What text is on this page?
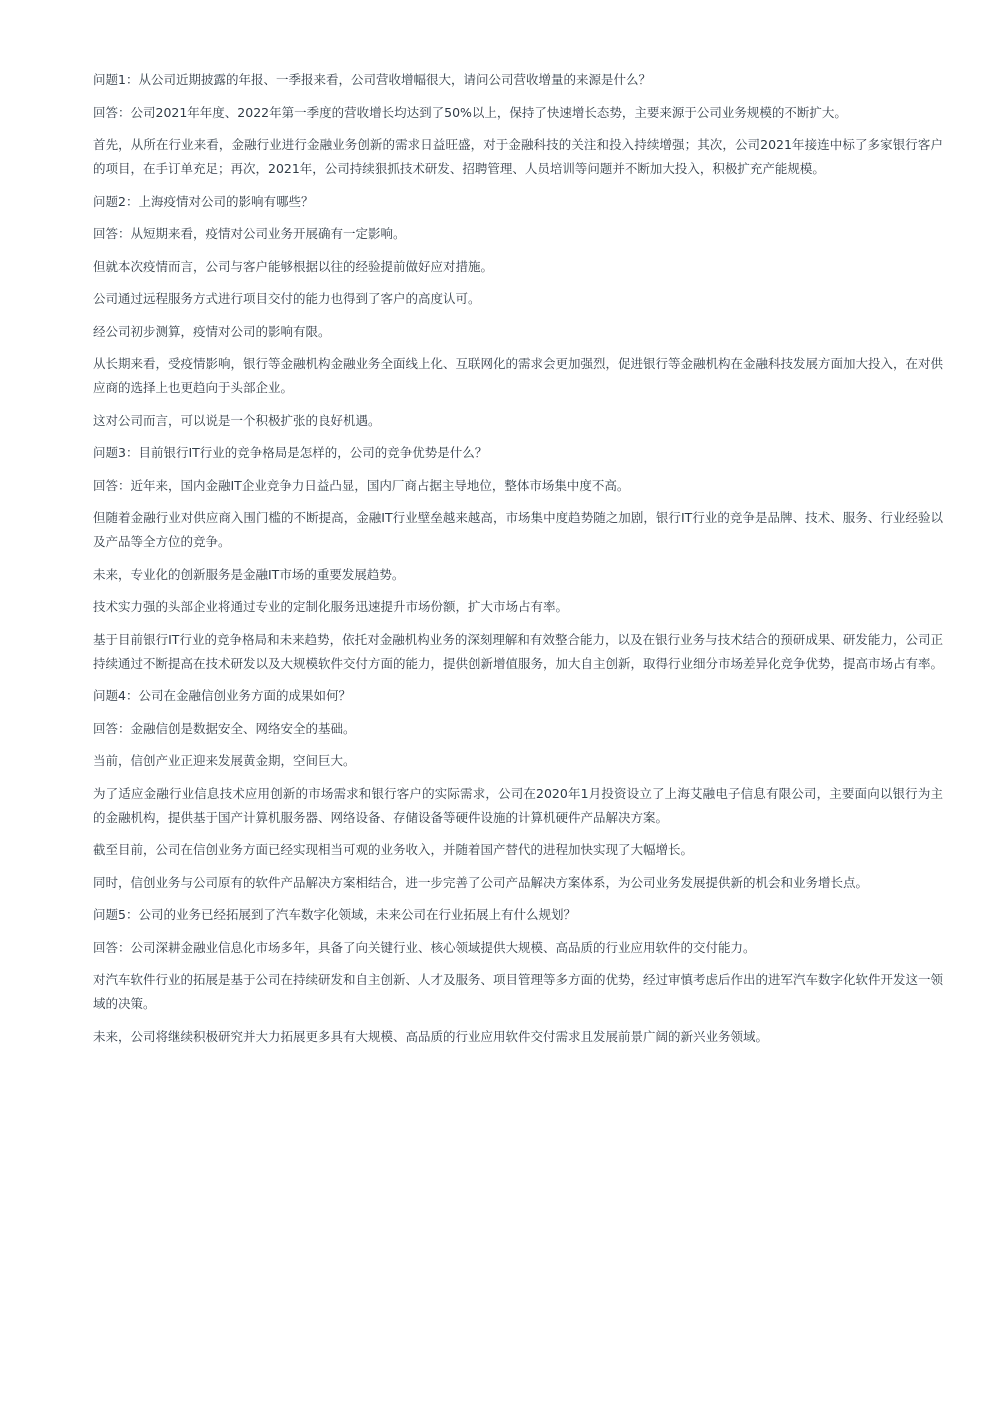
问题1：从公司近期披露的年报、一季报来看，公司营收增幅很大，请问公司营收增量的来源是什么？

回答：公司2021年年度、2022年第一季度的营收增长均达到了50%以上，保持了快速增长态势，主要来源于公司业务规模的不断扩大。

首先，从所在行业来看，金融行业进行金融业务创新的需求日益旺盛，对于金融科技的关注和投入持续增强；其次，公司2021年接连中标了多家银行客户的项目，在手订单充足；再次，2021年，公司持续狠抓技术研发、招聘管理、人员培训等问题并不断加大投入，积极扩充产能规模。

问题2：上海疫情对公司的影响有哪些？

回答：从短期来看，疫情对公司业务开展确有一定影响。

但就本次疫情而言，公司与客户能够根据以往的经验提前做好应对措施。

公司通过远程服务方式进行项目交付的能力也得到了客户的高度认可。

经公司初步测算，疫情对公司的影响有限。

从长期来看，受疫情影响，银行等金融机构金融业务全面线上化、互联网化的需求会更加强烈，促进银行等金融机构在金融科技发展方面加大投入，在对供应商的选择上也更趋向于头部企业。

这对公司而言，可以说是一个积极扩张的良好机遇。

问题3：目前银行IT行业的竞争格局是怎样的，公司的竞争优势是什么？

回答：近年来，国内金融IT企业竞争力日益凸显，国内厂商占据主导地位，整体市场集中度不高。

但随着金融行业对供应商入围门槛的不断提高，金融IT行业壁垒越来越高，市场集中度趋势随之加剧，银行IT行业的竞争是品牌、技术、服务、行业经验以及产品等全方位的竞争。

未来，专业化的创新服务是金融IT市场的重要发展趋势。

技术实力强的头部企业将通过专业的定制化服务迅速提升市场份额，扩大市场占有率。

基于目前银行IT行业的竞争格局和未来趋势，依托对金融机构业务的深刻理解和有效整合能力，以及在银行业务与技术结合的预研成果、研发能力，公司正持续通过不断提高在技术研发以及大规模软件交付方面的能力，提供创新增值服务，加大自主创新，取得行业细分市场差异化竞争优势，提高市场占有率。

问题4：公司在金融信创业务方面的成果如何？

回答：金融信创是数据安全、网络安全的基础。

当前，信创产业正迎来发展黄金期，空间巨大。

为了适应金融行业信息技术应用创新的市场需求和银行客户的实际需求，公司在2020年1月投资设立了上海艾融电子信息有限公司，主要面向以银行为主的金融机构，提供基于国产计算机服务器、网络设备、存储设备等硬件设施的计算机硬件产品解决方案。

截至目前，公司在信创业务方面已经实现相当可观的业务收入，并随着国产替代的进程加快实现了大幅增长。

同时，信创业务与公司原有的软件产品解决方案相结合，进一步完善了公司产品解决方案体系，为公司业务发展提供新的机会和业务增长点。

问题5：公司的业务已经拓展到了汽车数字化领域，未来公司在行业拓展上有什么规划？

回答：公司深耕金融业信息化市场多年，具备了向关键行业、核心领域提供大规模、高品质的行业应用软件的交付能力。

对汽车软件行业的拓展是基于公司在持续研发和自主创新、人才及服务、项目管理等多方面的优势，经过审慎考虑后作出的进军汽车数字化软件开发这一领域的决策。

未来，公司将继续积极研究并大力拓展更多具有大规模、高品质的行业应用软件交付需求且发展前景广阔的新兴业务领域。
